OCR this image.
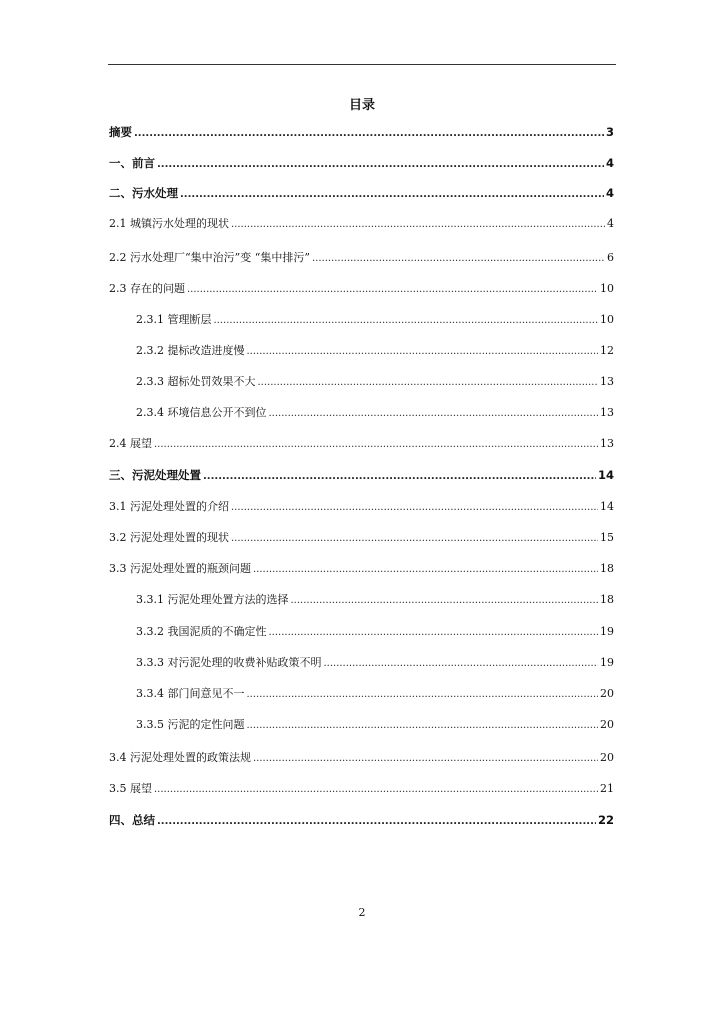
目录
摘要 .....	3
一、前言 .....	4
二、污水处理 .....	4
2.1 城镇污水处理的现状 .....	4
2.2 污水处理厂“集中治污”变 “集中排污” .....	6
2.3 存在的问题 .....	10
2.3.1 管理断层 .....	10
2.3.2 提标改造进度慢 .....	12
2.3.3 超标处罚效果不大 .....	13
2.3.4 环境信息公开不到位 .....	13
2.4 展望 .....	13
三、污泥处理处置 .....	14
3.1 污泥处理处置的介绍 .....	14
3.2 污泥处理处置的现状 .....	15
3.3 污泥处理处置的瓶颈问题 .....	18
3.3.1 污泥处理处置方法的选择 .....	18
3.3.2 我国泥质的不确定性 .....	19
3.3.3 对污泥处理的收费补贴政策不明 .....	19
3.3.4 部门间意见不一 .....	20
3.3.5 污泥的定性问题 .....	20
3.4 污泥处理处置的政策法规 .....	20
3.5 展望 .....	21
四、总结 .....	22
2
